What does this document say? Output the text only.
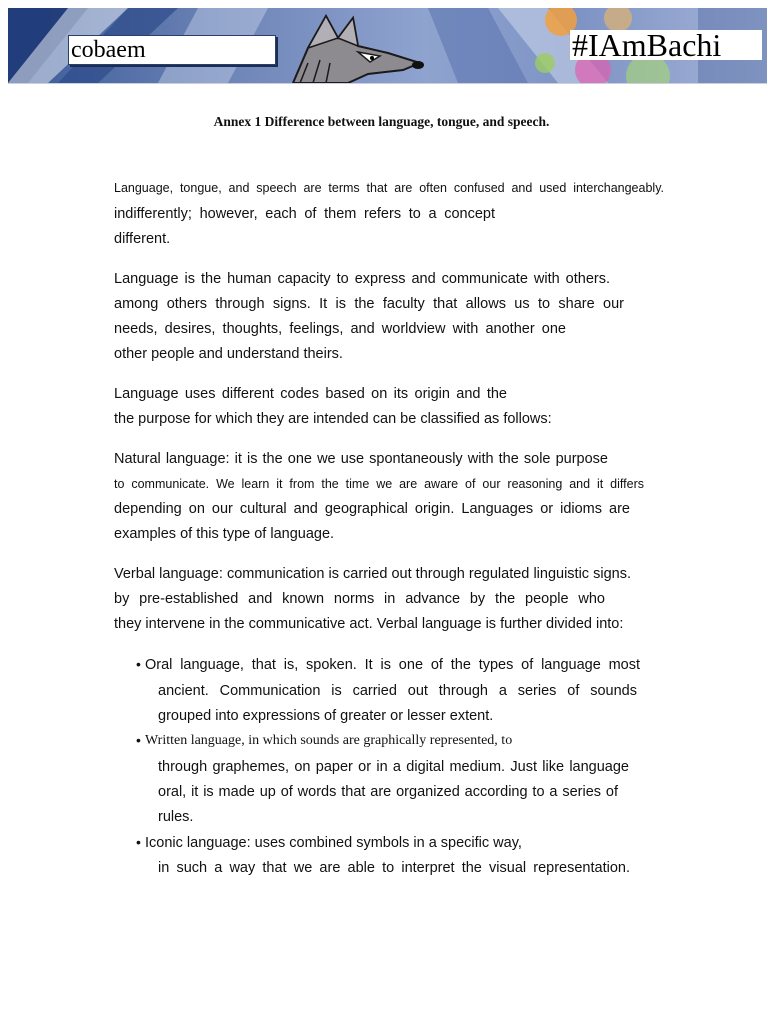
cobaem	#IAmBachi
Annex 1 Difference between language, tongue, and speech.
Language, tongue, and speech are terms that are often confused and used interchangeably.
indifferently; however, each of them refers to a concept
different.
Language is the human capacity to express and communicate with others.
among others through signs. It is the faculty that allows us to share our
needs, desires, thoughts, feelings, and worldview with another one
other people and understand theirs.
Language uses different codes based on its origin and the
the purpose for which they are intended can be classified as follows:
Natural language: it is the one we use spontaneously with the sole purpose
to communicate. We learn it from the time we are aware of our reasoning and it differs
depending on our cultural and geographical origin. Languages or idioms are
examples of this type of language.
Verbal language: communication is carried out through regulated linguistic signs.
by pre-established and known norms in advance by the people who
they intervene in the communicative act. Verbal language is further divided into:
• Oral language, that is, spoken. It is one of the types of language most
ancient. Communication is carried out through a series of sounds
grouped into expressions of greater or lesser extent.
• Written language, in which sounds are graphically represented, to
through graphemes, on paper or in a digital medium. Just like language
oral, it is made up of words that are organized according to a series of
rules.
• Iconic language: uses combined symbols in a specific way,
in such a way that we are able to interpret the visual representation.
